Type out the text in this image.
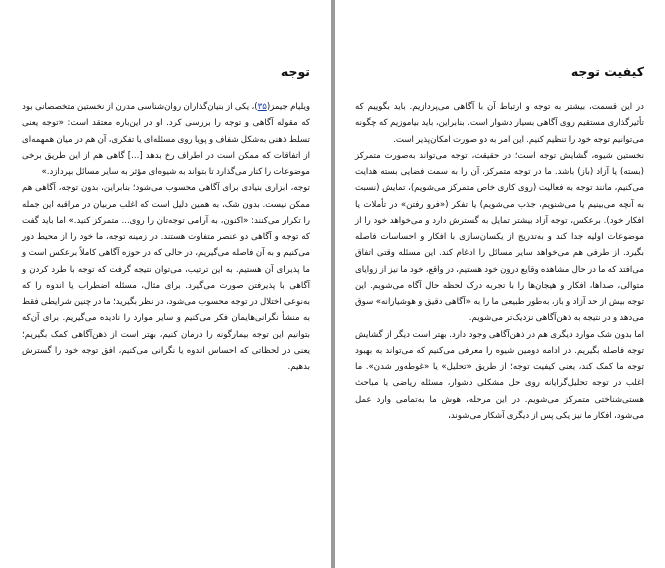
توجه

ویلیام جیمز(۳۵)، یکی از بنیان‌گذاران روان‌شناسی مدرن از نخستین متخصصانی بود که مقوله آگاهی و توجه را بررسی کرد. او در این‌باره معتقد است: «توجه یعنی تسلط ذهنی به‌شکل شفاف و پویا روی مسئله‌ای یا تفکری، آن هم در میان همهمه‌ای از اتفاقات که ممکن است در اطراف رخ بدهد [...] گاهی هم از این طریق برخی موضوعات را کنار می‌گذارد تا بتواند به شیوه‌ای مؤثر به سایر مسائل بپردازد.»

توجه، ابزاری بنیادی برای آگاهی محسوب می‌شود؛ بنابراین، بدون توجه، آگاهی هم ممکن نیست. بدون شک، به همین دلیل است که اغلب مربیان در مراقبه این جمله را تکرار می‌کنند: «اکنون، به آرامی توجه‌تان را روی... متمرکز کنید.» اما باید گفت که توجه و آگاهی دو عنصر متفاوت هستند. در زمینه توجه، ما خود را از محیط دور می‌کنیم و به آن فاصله می‌گیریم، در حالی که در حوزه آگاهی کاملاً برعکس است و ما پذیرای آن هستیم. به این ترتیب، می‌توان نتیجه گرفت که توجه با طرد کردن و آگاهی با پذیرفتن صورت می‌گیرد. برای مثال، مسئله اضطراب یا اندوه را که به‌نوعی اختلال در توجه محسوب می‌شود، در نظر بگیرید؛ ما در چنین شرایطی فقط به منشأ نگرانی‌هایمان فکر می‌کنیم و سایر موارد را نادیده می‌گیریم. برای آن‌که بتوانیم این توجه بیمارگونه را درمان کنیم، بهتر است از ذهن‌آگاهی کمک بگیریم؛ یعنی در لحظاتی که احساس اندوه یا نگرانی می‌کنیم، افق توجه خود را گسترش بدهیم.

کیفیت توجه

در این قسمت، بیشتر به توجه و ارتباط آن با آگاهی می‌پردازیم. باید بگوییم که تأثیرگذاری مستقیم روی آگاهی بسیار دشوار است. بنابراین، باید بیاموزیم که چگونه می‌توانیم توجه خود را تنظیم کنیم. این امر به دو صورت امکان‌پذیر است.

نخستین شیوه، گشایش توجه است؛ در حقیقت، توجه می‌تواند به‌صورت متمرکز (بسته) یا آزاد (باز) باشد. ما در توجه متمرکز، آن را به سمت فضایی بسته هدایت می‌کنیم، مانند توجه به فعالیت (روی کاری خاص متمرکز می‌شویم)، تمایش (نسبت به آنچه می‌بینیم یا می‌شنویم، جذب می‌شویم) یا تفکر («فرو رفتن» در تأملات یا افکار خود). برعکس، توجه آزاد بیشتر تمایل به گسترش دارد و می‌خواهد خود را از موضوعات اولیه جدا کند و به‌تدریج از یکسان‌سازی با افکار و احساسات فاصله بگیرد. از طرفی هم می‌خواهد سایر مسائل را ادغام کند. این مسئله وقتی اتفاق می‌افتد که ما در حال مشاهده وقایع درون خود هستیم، در واقع، خود ما نیز از زوایای متوالی، صداها، افکار و هیجان‌ها را با تجربه درک لحظه حال آگاه می‌شویم. این توجه بیش از حد آزاد و باز، به‌طور طبیعی ما را به «آگاهی دقیق و هوشیارانه» سوق می‌دهد و در نتیجه به ذهن‌آگاهی نزدیک‌تر می‌شویم.

اما بدون شک موارد دیگری هم در ذهن‌آگاهی وجود دارد. بهتر است دیگر از گشایش توجه فاصله بگیریم. در ادامه دومین شیوه را معرفی می‌کنیم که می‌تواند به بهبود توجه ما کمک کند، یعنی کیفیت توجه؛ از طریق «تحلیل» یا «غوطه‌ور شدن». ما اغلب در توجه تحلیل‌گرایانه روی حل مشکلی دشوار، مسئله ریاضی یا مباحث هستی‌شناختی متمرکز می‌شویم. در این مرحله، هوش ما به‌تمامی وارد عمل می‌شود، افکار ما نیز یکی پس از دیگری آشکار می‌شوند،
